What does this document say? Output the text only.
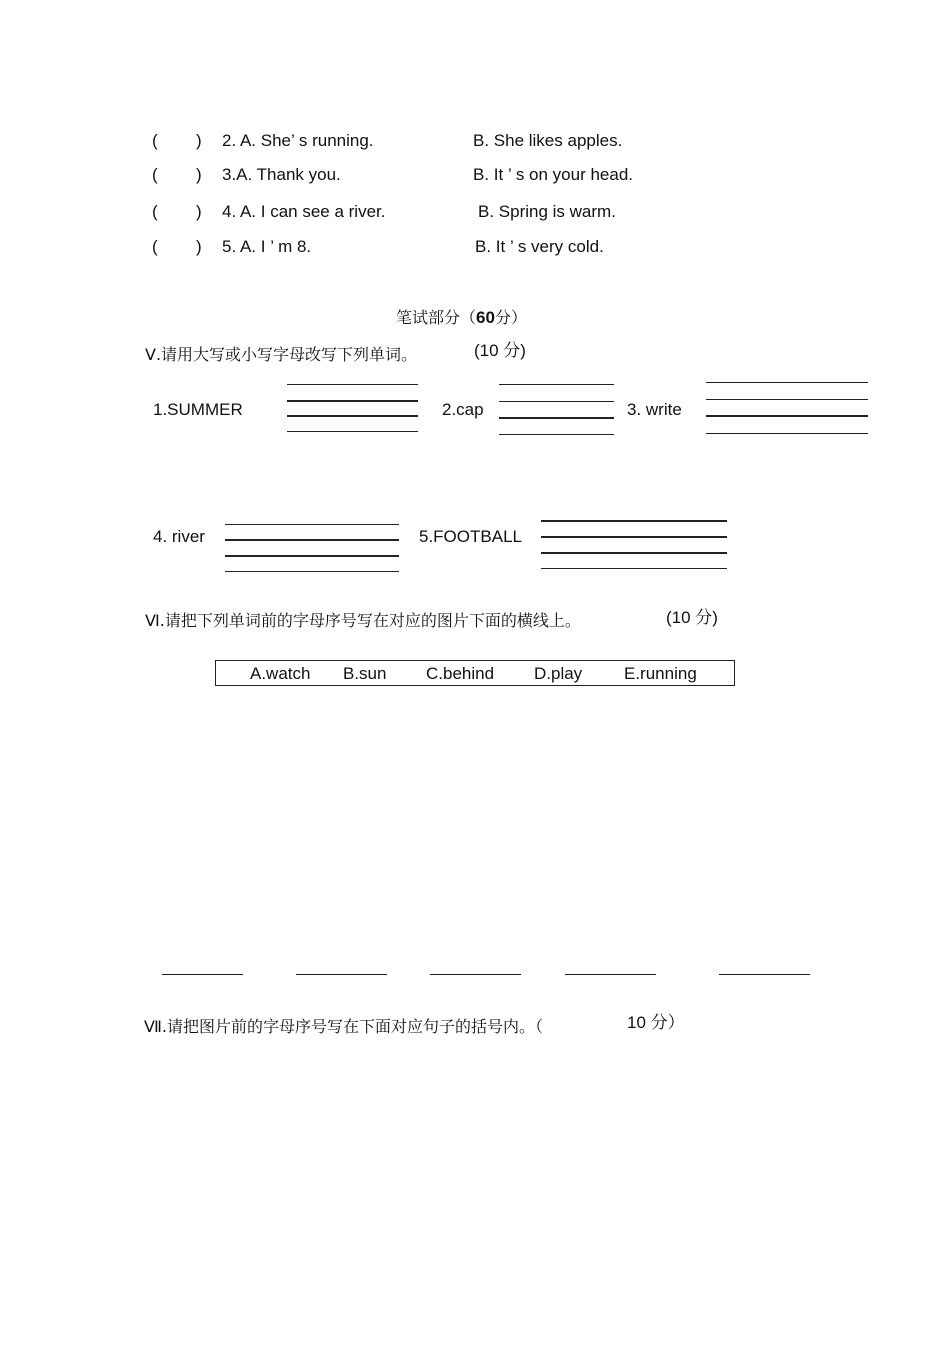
( ) 2. A. She’ s running.	B. She likes apples.
( ) 3.A. Thank you.	B. It ’ s on your head.
( ) 4. A. I can see a river.	B. Spring is warm.
( ) 5. A. I ’ m 8.	B. It ’ s very cold.
笔试部分（60分）
Ⅴ.请用大写或小写字母改写下列单词。	(10 分)
1.SUMMER	2.cap	3. write
4. river	5.FOOTBALL
Ⅵ.请把下列单词前的字母序号写在对应的图片下面的横线上。	(10 分)
A.watch B.sun C.behind D.play E.running
Ⅶ.请把图片前的字母序号写在下面对应句子的括号内。（	10 分）
